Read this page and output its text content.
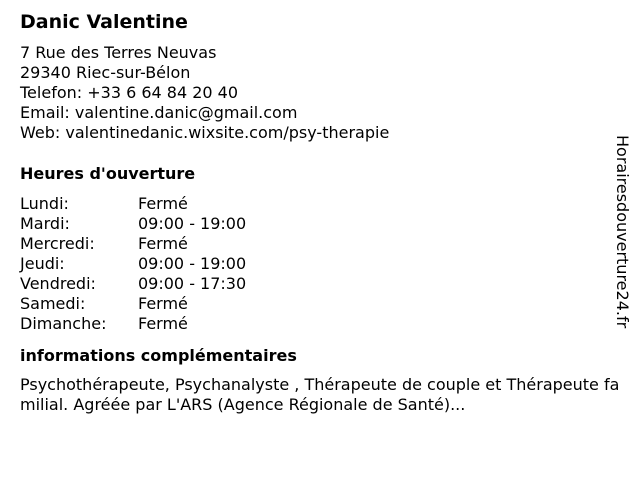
Danic Valentine
7 Rue des Terres Neuvas
29340 Riec-sur-Bélon
Telefon: +33 6 64 84 20 40
Email: valentine.danic@gmail.com
Web: valentinedanic.wixsite.com/psy-therapie
Heures d'ouverture
Lundi:	Fermé
Mardi:	09:00 - 19:00
Mercredi:	Fermé
Jeudi:	09:00 - 19:00
Vendredi:	09:00 - 17:30
Samedi:	Fermé
Dimanche:	Fermé
informations complémentaires
Psychothérapeute, Psychanalyste , Thérapeute de couple et Thérapeute familial. Agréée par L'ARS (Agence Régionale de Santé)...
Horairesdouverture24.fr
